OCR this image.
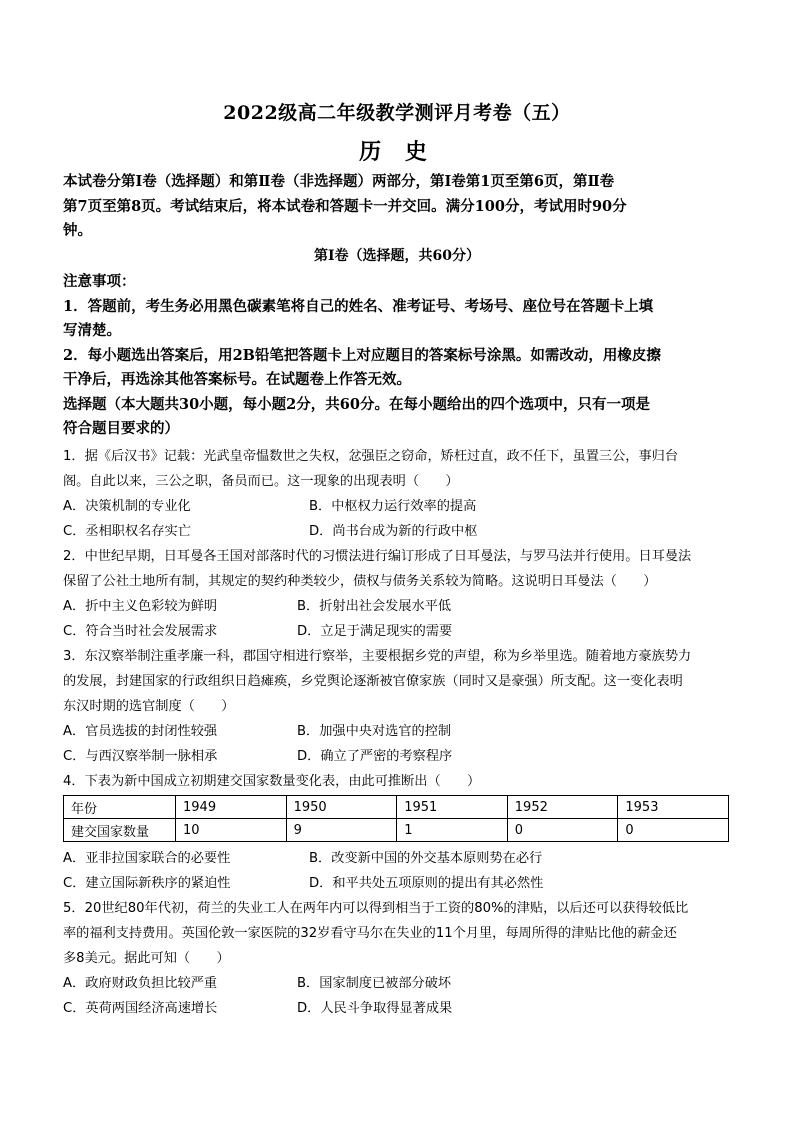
2022级高二年级教学测评月考卷（五）
历 史
本试卷分第Ⅰ卷（选择题）和第Ⅱ卷（非选择题）两部分，第Ⅰ卷第1页至第6页，第Ⅱ卷
第7页至第8页。考试结束后，将本试卷和答题卡一并交回。满分100分，考试用时90分
钟。
第Ⅰ卷（选择题，共60分）
注意事项：
1．答题前，考生务必用黑色碳素笔将自己的姓名、准考证号、考场号、座位号在答题卡上填
写清楚。
2．每小题选出答案后，用2B铅笔把答题卡上对应题目的答案标号涂黑。如需改动，用橡皮擦
干净后，再选涂其他答案标号。在试题卷上作答无效。
选择题（本大题共30小题，每小题2分，共60分。在每小题给出的四个选项中，只有一项是
符合题目要求的）
1．据《后汉书》记载：光武皇帝愠数世之失权，忿强臣之窃命，矫枉过直，政不任下，虽置三公，事归台
阁。自此以来，三公之职，备员而已。这一现象的出现表明（　　）
A．决策机制的专业化	B．中枢权力运行效率的提高
C．丞相职权名存实亡	D．尚书台成为新的行政中枢
2．中世纪早期，日耳曼各王国对部落时代的习惯法进行编订形成了日耳曼法，与罗马法并行使用。日耳曼法
保留了公社土地所有制，其规定的契约种类较少，债权与债务关系较为简略。这说明日耳曼法（　　）
A．折中主义色彩较为鲜明	B．折射出社会发展水平低
C．符合当时社会发展需求	D．立足于满足现实的需要
3．东汉察举制注重孝廉一科，郡国守相进行察举，主要根据乡党的声望，称为乡举里选。随着地方豪族势力
的发展，封建国家的行政组织日趋瘫痪，乡党舆论逐渐被官僚家族（同时又是豪强）所支配。这一变化表明
东汉时期的选官制度（　　）
A．官员选拔的封闭性较强	B．加强中央对选官的控制
C．与西汉察举制一脉相承	D．确立了严密的考察程序
4．下表为新中国成立初期建交国家数量变化表，由此可推断出（　　）
年份	1949	1950	1951	1952	1953
建交国家数量	10	9	1	0	0
A．亚非拉国家联合的必要性	B．改变新中国的外交基本原则势在必行
C．建立国际新秩序的紧迫性	D．和平共处五项原则的提出有其必然性
5．20世纪80年代初，荷兰的失业工人在两年内可以得到相当于工资的80%的津贴，以后还可以获得较低比
率的福利支持费用。英国伦敦一家医院的32岁看守马尔在失业的11个月里，每周所得的津贴比他的薪金还
多8美元。据此可知（　　）
A．政府财政负担比较严重	B．国家制度已被部分破坏
C．英荷两国经济高速增长	D．人民斗争取得显著成果
